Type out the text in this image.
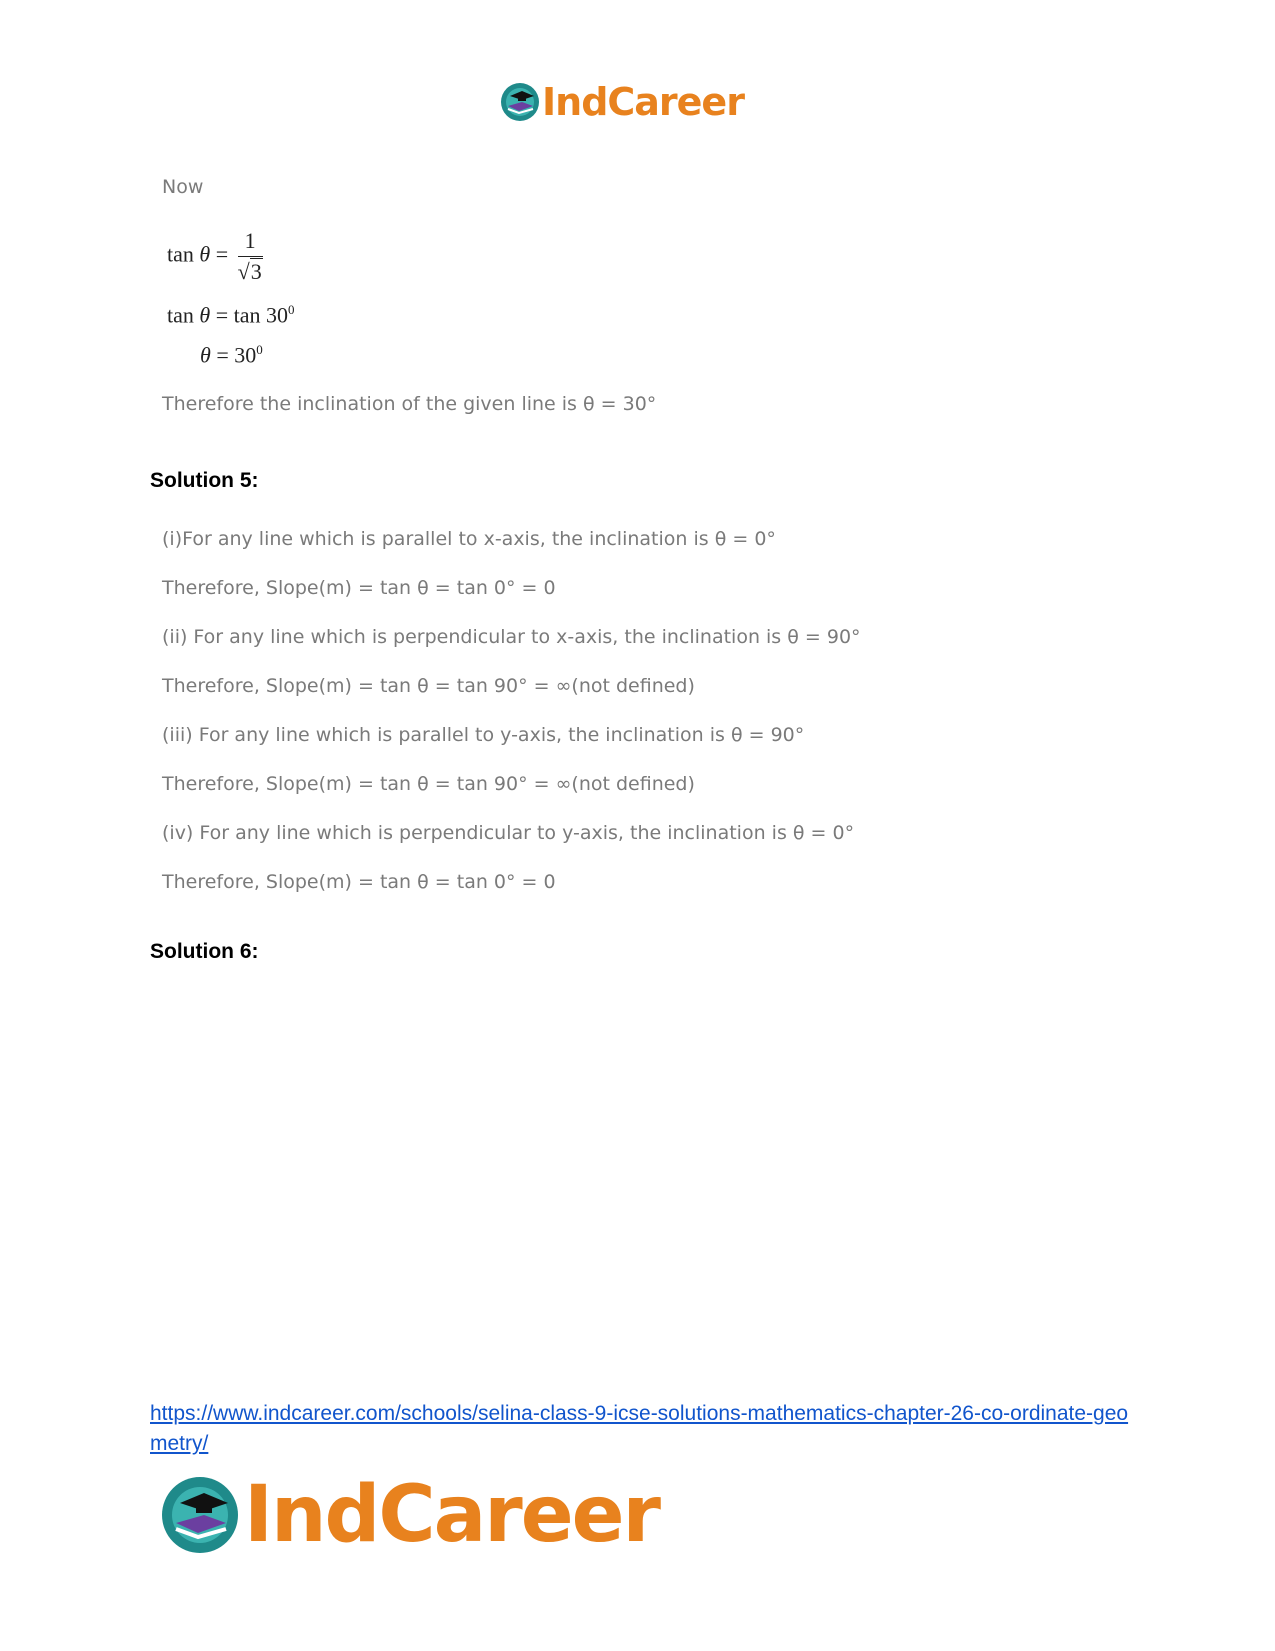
IndCareer
Now
$\tan \theta = \frac{1}{√3}$
$\tan \theta = \tan 30^0$
$\theta = 30^0$
Therefore the inclination of the given line is θ = 30°
Solution 5:
(i)For any line which is parallel to x-axis, the inclination is θ = 0°
Therefore, Slope(m) = tan θ = tan 0° = 0
(ii) For any line which is perpendicular to x-axis, the inclination is θ = 90°
Therefore, Slope(m) = tan θ = tan 90° = ∞(not defined)
(iii) For any line which is parallel to y-axis, the inclination is θ = 90°
Therefore, Slope(m) = tan θ = tan 90° = ∞(not defined)
(iv) For any line which is perpendicular to y-axis, the inclination is θ = 0°
Therefore, Slope(m) = tan θ = tan 0° = 0
Solution 6:
https://www.indcareer.com/schools/selina-class-9-icse-solutions-mathematics-chapter-26-co-ordinate-geometry/
IndCareer
